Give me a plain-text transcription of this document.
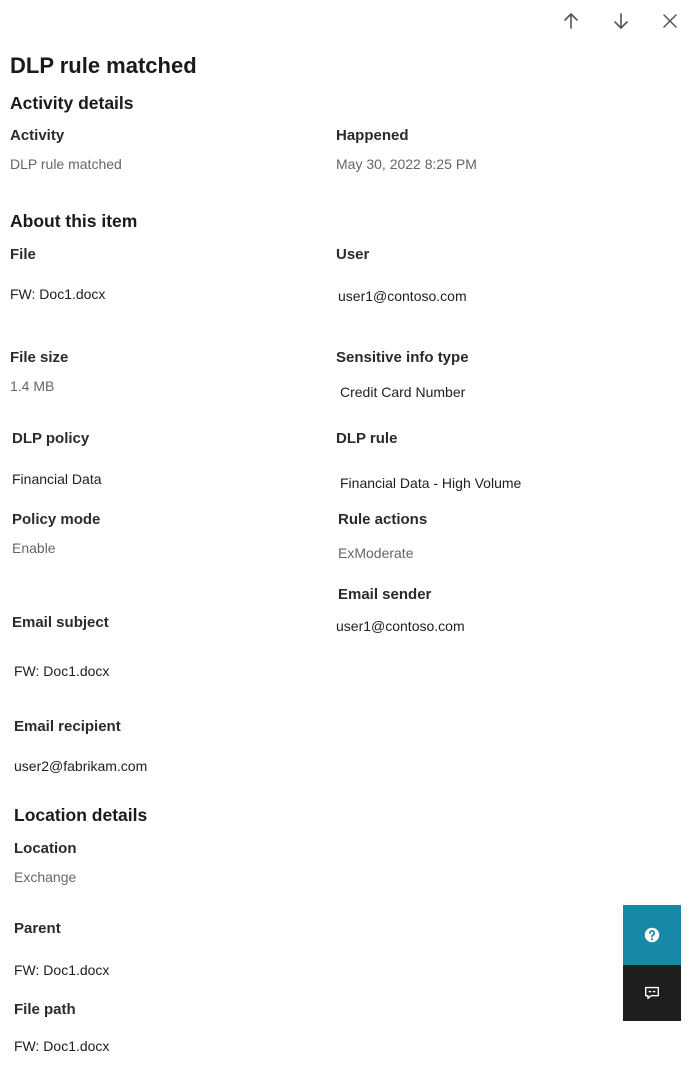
DLP rule matched
Activity details
Activity
DLP rule matched
Happened
May 30, 2022 8:25 PM
About this item
File
FW: Doc1.docx
User
user1@contoso.com
File size
1.4 MB
Sensitive info type
Credit Card Number
DLP policy
Financial Data
DLP rule
Financial Data - High Volume
Policy mode
Enable
Rule actions
ExModerate
Email sender
user1@contoso.com
Email subject
FW: Doc1.docx
Email recipient
user2@fabrikam.com
Location details
Location
Exchange
Parent
FW: Doc1.docx
File path
FW: Doc1.docx
